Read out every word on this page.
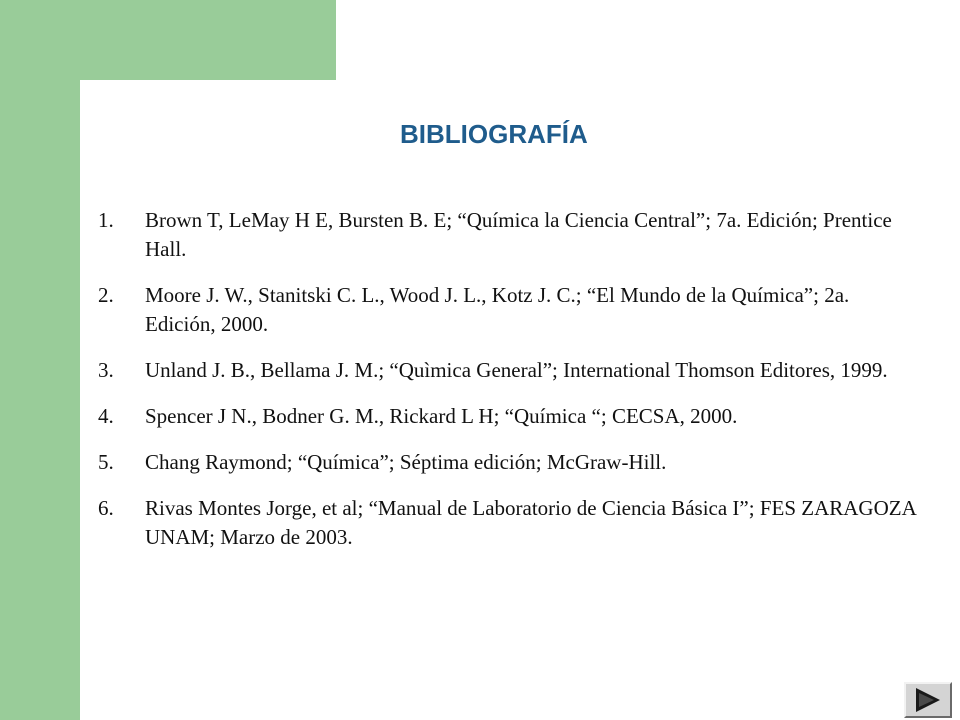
BIBLIOGRAFÍA
1. Brown T, LeMay H E, Bursten B. E; “Química la Ciencia Central”; 7a. Edición; Prentice Hall.
2. Moore J. W., Stanitski C. L., Wood J. L., Kotz J. C.; “El Mundo de la Química”; 2a. Edición, 2000.
3. Unland J. B., Bellama J. M.; “Quìmica General”; International Thomson Editores, 1999.
4. Spencer J N., Bodner G. M., Rickard L H; “Química “; CECSA, 2000.
5. Chang Raymond; “Química”; Séptima edición; McGraw-Hill.
6. Rivas Montes Jorge, et al; “Manual de Laboratorio de Ciencia Básica I”; FES ZARAGOZA UNAM; Marzo de 2003.
